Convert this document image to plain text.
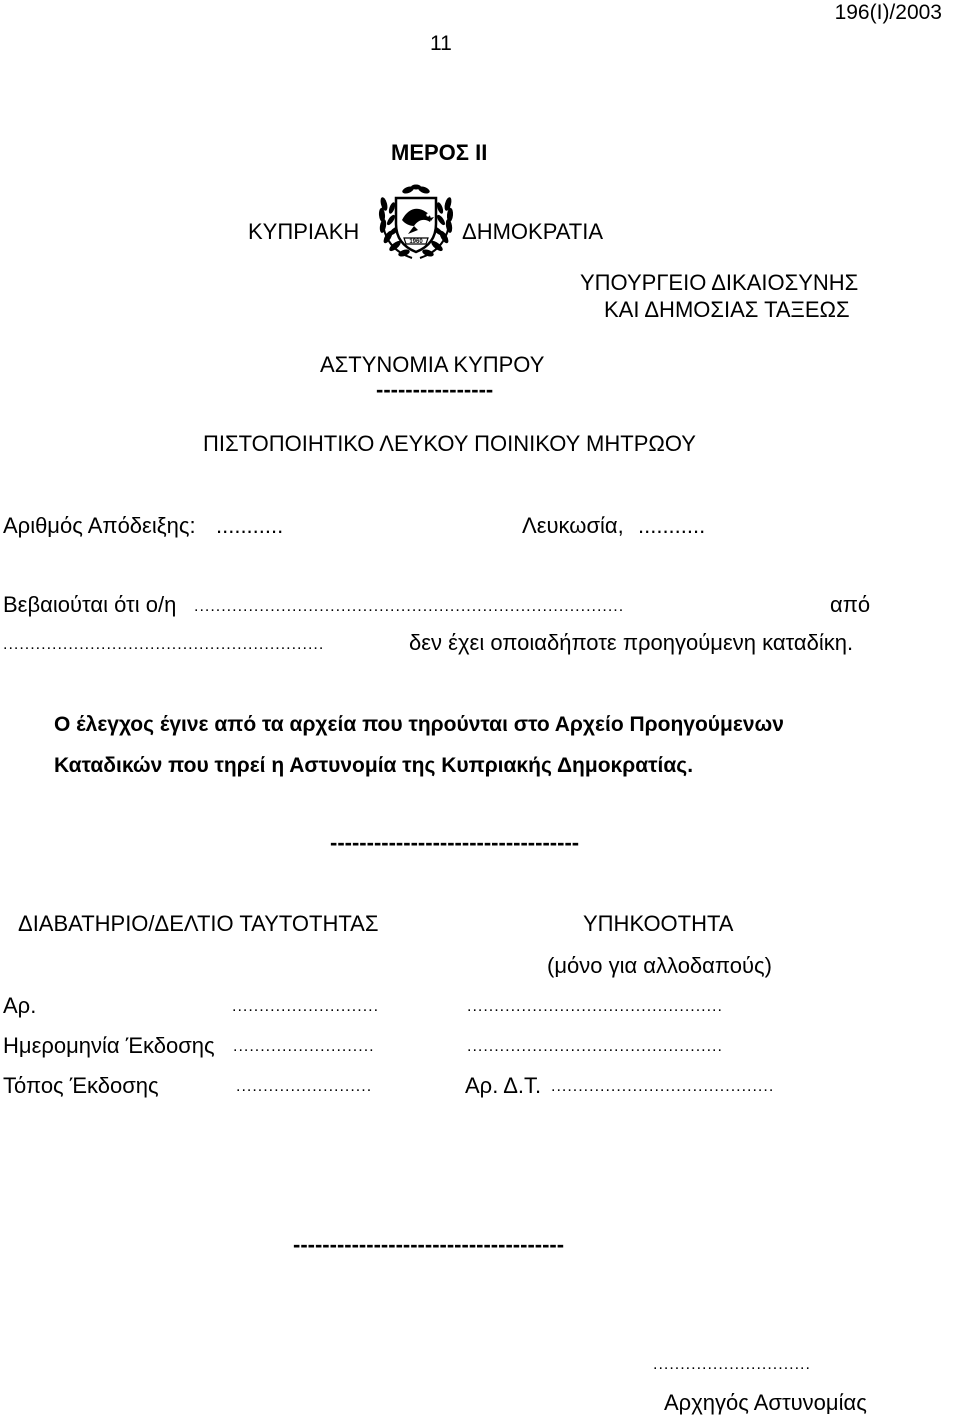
196(Ι)/2003
11
ΜΕΡΟΣ ΙΙ
ΚΥΠΡΙΑΚΗ	1960 ΔΗΜΟΚΡΑΤΙΑ
ΥΠΟΥΡΓΕΙΟ ΔΙΚΑΙΟΣΥΝΗΣ
ΚΑΙ ΔΗΜΟΣΙΑΣ ΤΑΞΕΩΣ
ΑΣΤΥΝΟΜΙΑ ΚΥΠΡΟΥ
----------------
ΠΙΣΤΟΠΟΙΗΤΙΚΟ ΛΕΥΚΟΥ ΠΟΙΝΙΚΟΥ ΜΗΤΡΩΟΥ
Αριθμός Απόδειξης: ...........	Λευκωσία, ...........
Βεβαιούται ότι ο/η ...............................................................................	από
...........................................................	δεν έχει οποιαδήποτε προηγούμενη καταδίκη.
Ο έλεγχος έγινε από τα αρχεία που τηρούνται στο Αρχείο Προηγούμενων
Καταδικών που τηρεί η Αστυνομία της Κυπριακής Δημοκρατίας.
----------------------------------
ΔΙΑΒΑΤΗΡΙΟ/ΔΕΛΤΙΟ ΤΑΥΤΟΤΗΤΑΣ	ΥΠΗΚΟΟΤΗΤΑ
(μόνο για αλλοδαπούς)
Αρ.	...........................	...............................................
Ημερομηνία Έκδοσης ..........................	...............................................
Τόπος Έκδοσης	.........................	Αρ. Δ.Τ. .........................................
-------------------------------------
.............................
Αρχηγός Αστυνομίας
